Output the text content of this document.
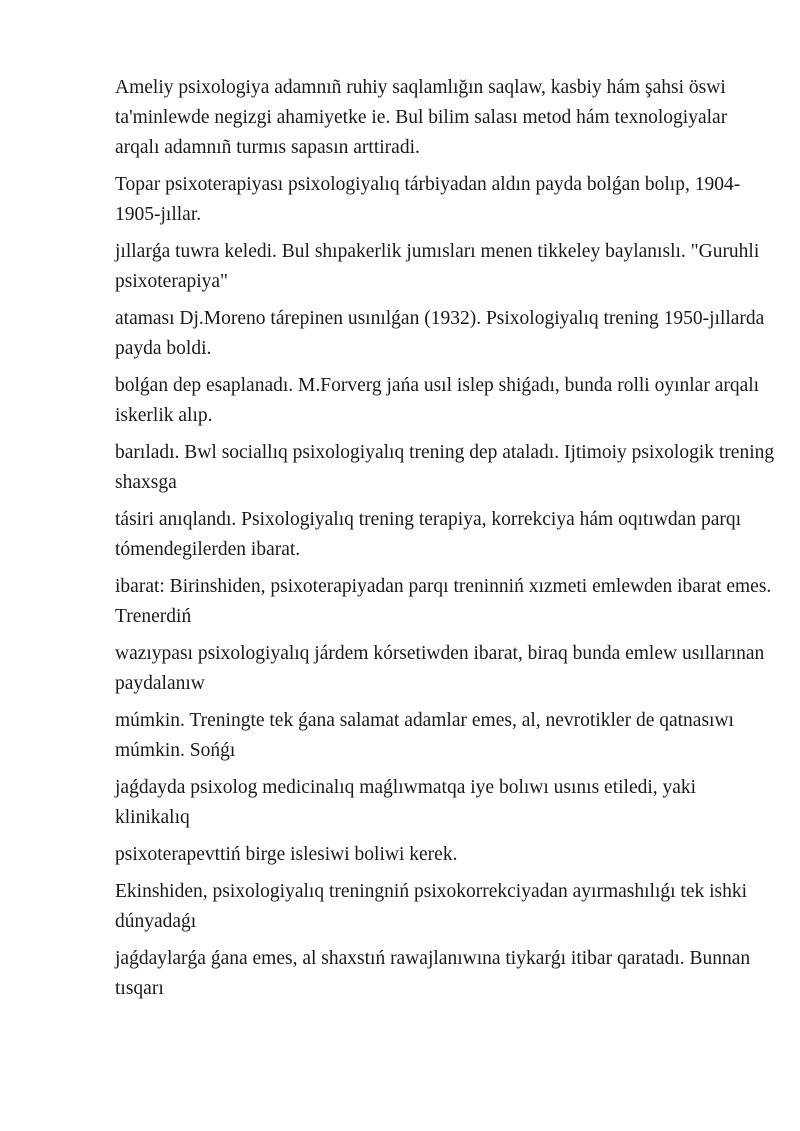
Ameliy psixologiya adamnıñ ruhiy saqlamlığın saqlaw, kasbiy hám şahsi öswi ta'minlewde negizgi ahamiyetke ie. Bul bilim salası metod hám texnologiyalar arqalı adamnıñ turmıs sapasın arttiradi.

Topar psixoterapiyası psixologiyalıq tárbiyadan aldın payda bolǵan bolıp, 1904-1905-jıllar.

jıllarǵa tuwra keledi. Bul shıpakerlik jumısları menen tikkeley baylanıslı. "Guruhli psixoterapiya"

ataması Dj.Moreno tárepinen usınılǵan (1932). Psixologiyalıq trening 1950-jıllarda payda boldi.

bolǵan dep esaplanadı. M.Forverg jańa usıl islep shiǵadı, bunda rolli oyınlar arqalı iskerlik alıp.

barıladı. Bwl sociallıq psixologiyalıq trening dep ataladı. Ijtimoiy psixologik trening shaxsga

tásiri anıqlandı. Psixologiyalıq trening terapiya, korrekciya hám oqıtıwdan parqı tómendegilerden ibarat.

ibarat: Birinshiden, psixoterapiyadan parqı treninniń xızmeti emlewden ibarat emes. Trenerdiń

wazıypası psixologiyalıq járdem kórsetiwden ibarat, biraq bunda emlew usıllarınan paydalanıw

múmkin. Treningte tek ǵana salamat adamlar emes, al, nevrotikler de qatnasıwı múmkin. Sońǵı

jaǵdayda psixolog medicinalıq maǵlıwmatqa iye bolıwı usınıs etiledi, yaki klinikalıq

psixoterapevttiń birge islesiwi boliwi kerek.

Ekinshiden, psixologiyalıq treningniń psixokorrekciyadan ayırmashılıǵı tek ishki dúnyadaǵı

jaǵdaylarǵa ǵana emes, al shaxstıń rawajlanıwına tiykarǵı itibar qaratadı. Bunnan tısqarı
